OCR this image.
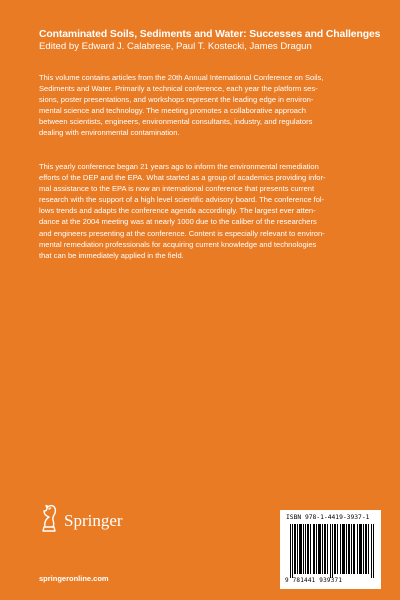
Contaminated Soils, Sediments and Water: Successes and Challenges
Edited by Edward J. Calabrese, Paul T. Kostecki, James Dragun
This volume contains articles from the 20th Annual International Conference on Soils,
Sediments and Water. Primarily a technical conference, each year the platform ses-
sions, poster presentations, and workshops represent the leading edge in environ-
mental science and technology. The meeting promotes a collaborative approach
between scientists, engineers, environmental consultants, industry, and regulators
dealing with environmental contamination.
This yearly conference began 21 years ago to inform the environmental remediation
efforts of the DEP and the EPA. What started as a group of academics providing infor-
mal assistance to the EPA is now an international conference that presents current
research with the support of a high level scientific advisory board. The conference fol-
lows trends and adapts the conference agenda accordingly. The largest ever atten-
dance at the 2004 meeting was at nearly 1000 due to the caliber of the researchers
and engineers presenting at the conference. Content is especially relevant to environ-
mental remediation professionals for acquiring current knowledge and technologies
that can be immediately applied in the field.
Springer
springeronline.com
ISBN 978-1-4419-3937-1
9 781441 939371
